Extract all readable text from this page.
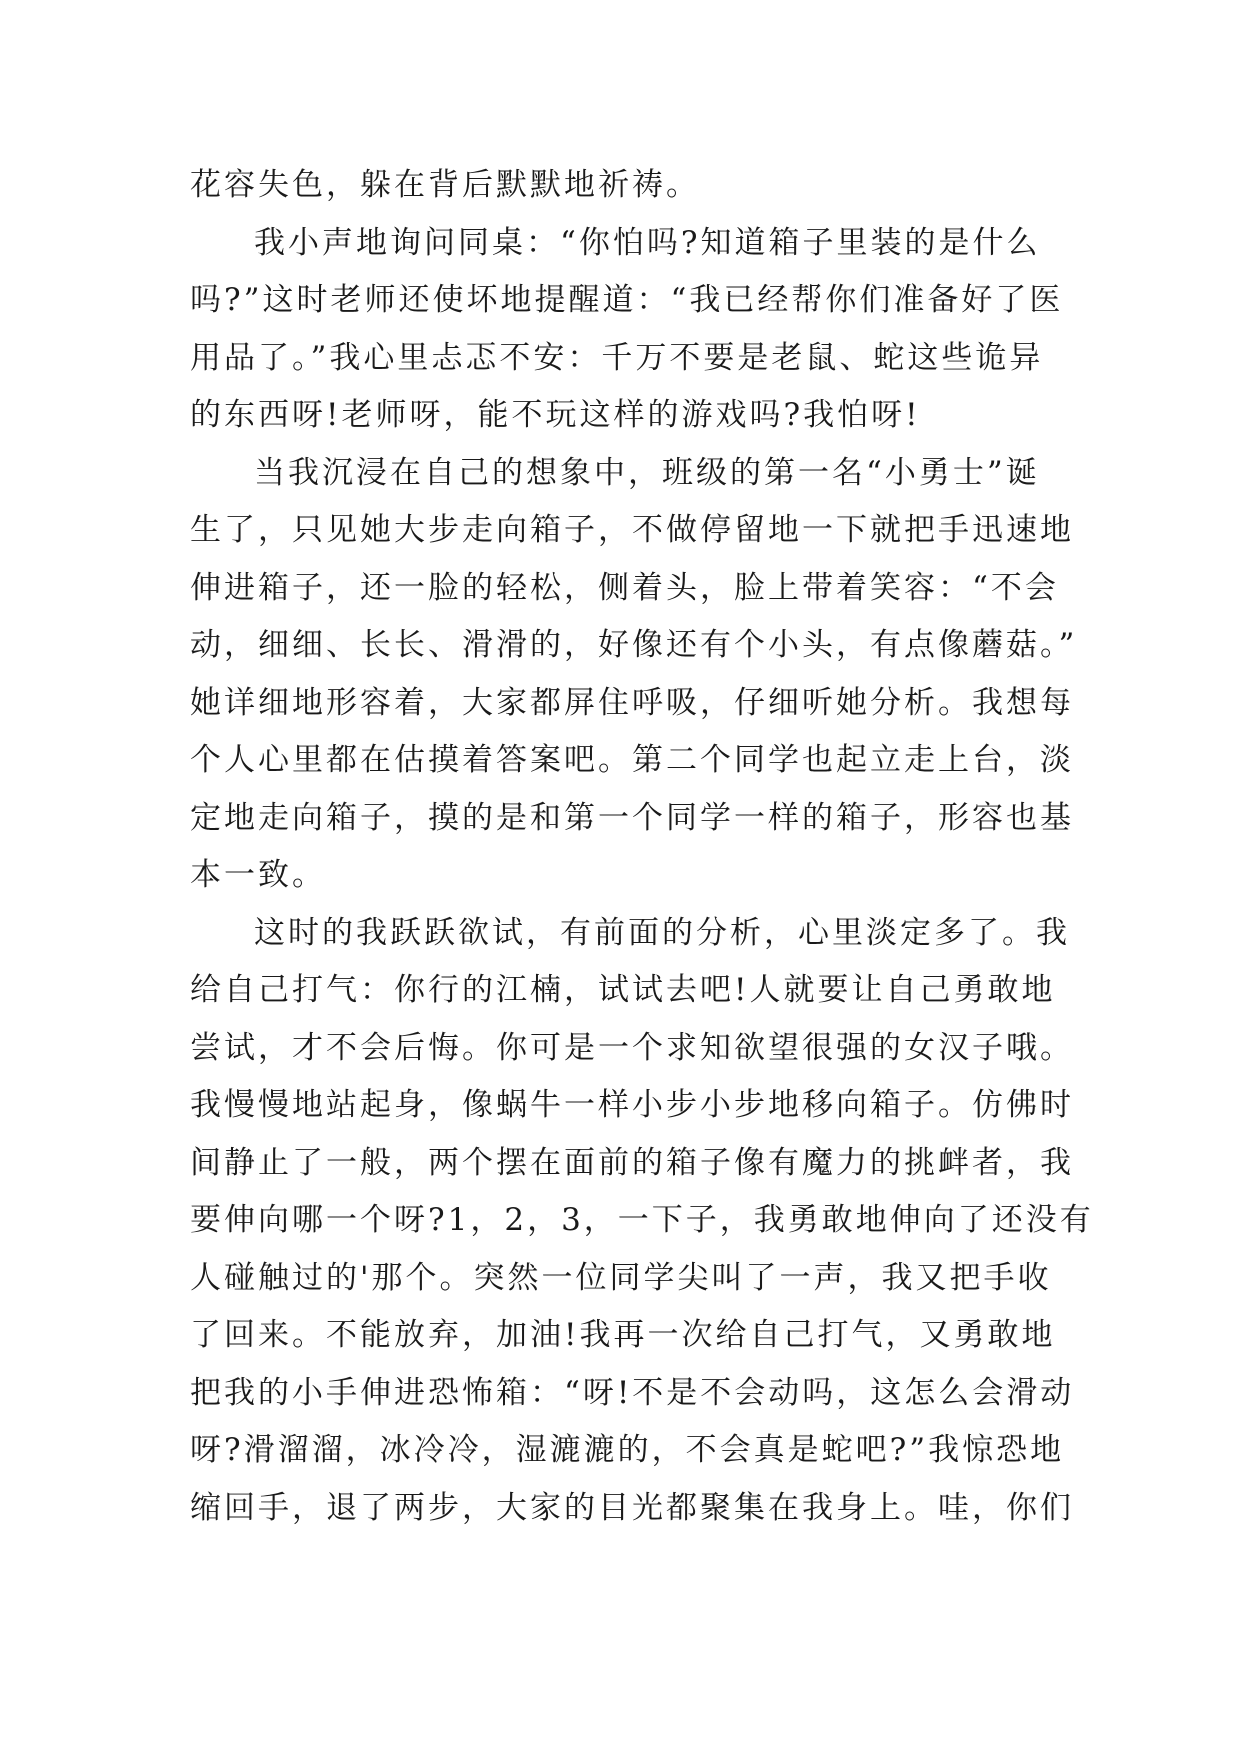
花容失色，躲在背后默默地祈祷。
我小声地询问同桌：“你怕吗?知道箱子里装的是什么
吗?”这时老师还使坏地提醒道：“我已经帮你们准备好了医
用品了。”我心里忐忑不安：千万不要是老鼠、蛇这些诡异
的东西呀!老师呀，能不玩这样的游戏吗?我怕呀!
当我沉浸在自己的想象中，班级的第一名“小勇士”诞
生了，只见她大步走向箱子，不做停留地一下就把手迅速地
伸进箱子，还一脸的轻松，侧着头，脸上带着笑容：“不会
动，细细、长长、滑滑的，好像还有个小头，有点像蘑菇。”
她详细地形容着，大家都屏住呼吸，仔细听她分析。我想每
个人心里都在估摸着答案吧。第二个同学也起立走上台，淡
定地走向箱子，摸的是和第一个同学一样的箱子，形容也基
本一致。
这时的我跃跃欲试，有前面的分析，心里淡定多了。我
给自己打气：你行的江楠，试试去吧!人就要让自己勇敢地
尝试，才不会后悔。你可是一个求知欲望很强的女汉子哦。
我慢慢地站起身，像蜗牛一样小步小步地移向箱子。仿佛时
间静止了一般，两个摆在面前的箱子像有魔力的挑衅者，我
要伸向哪一个呀?1，2，3，一下子，我勇敢地伸向了还没有
人碰触过的'那个。突然一位同学尖叫了一声，我又把手收
了回来。不能放弃，加油!我再一次给自己打气，又勇敢地
把我的小手伸进恐怖箱：“呀!不是不会动吗，这怎么会滑动
呀?滑溜溜，冰冷冷，湿漉漉的，不会真是蛇吧?”我惊恐地
缩回手，退了两步，大家的目光都聚集在我身上。哇，你们
